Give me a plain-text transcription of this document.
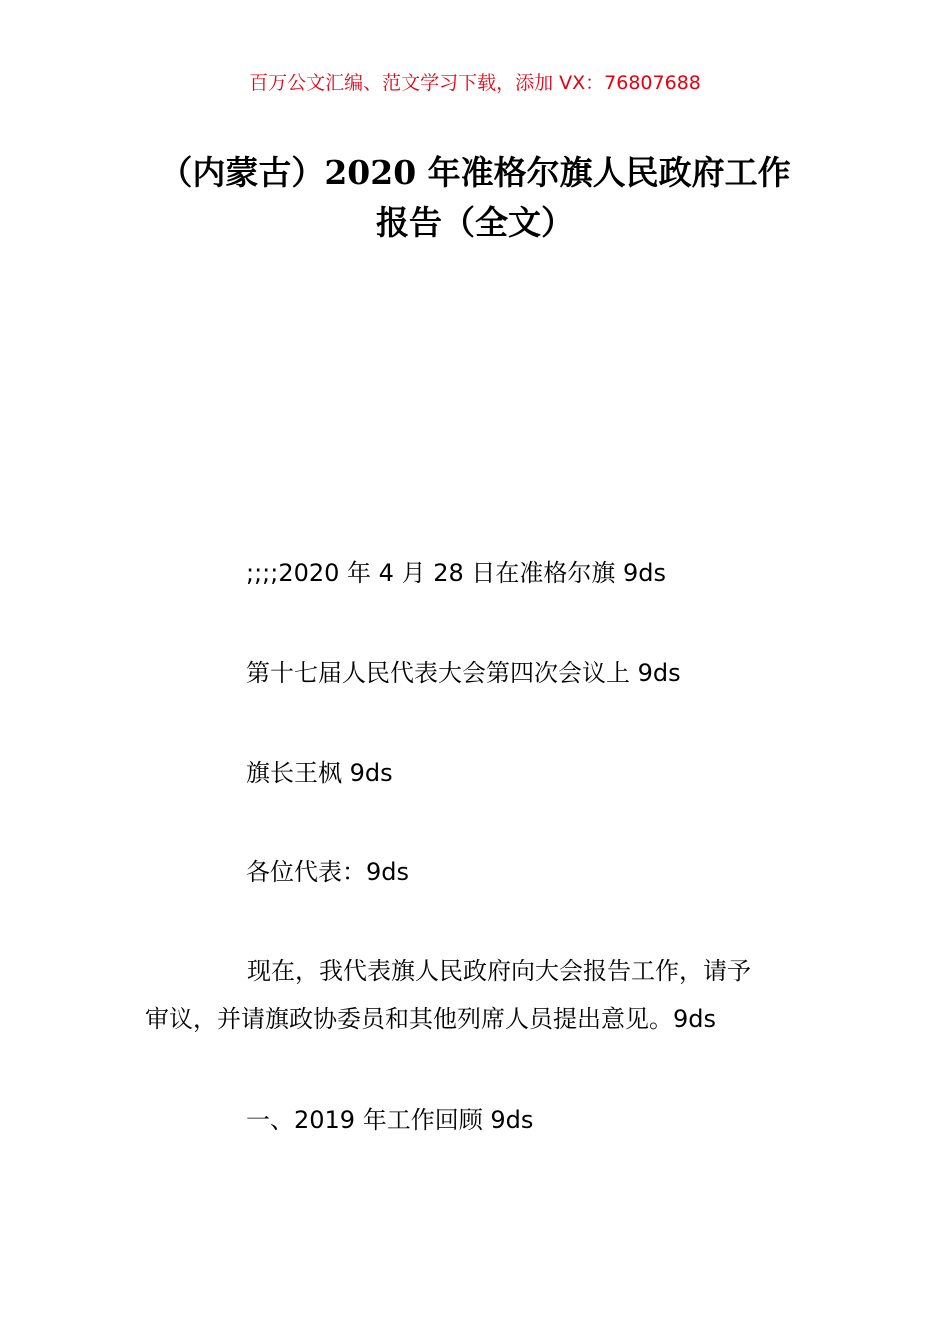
百万公文汇编、范文学习下载，添加 VX：76807688
（内蒙古）2020 年准格尔旗人民政府工作
报告（全文）
;;;;2020 年 4 月 28 日在准格尔旗 9ds
第十七届人民代表大会第四次会议上 9ds
旗长王枫 9ds
各位代表：9ds
现在，我代表旗人民政府向大会报告工作，请予
审议，并请旗政协委员和其他列席人员提出意见。9ds
一、2019 年工作回顾 9ds
